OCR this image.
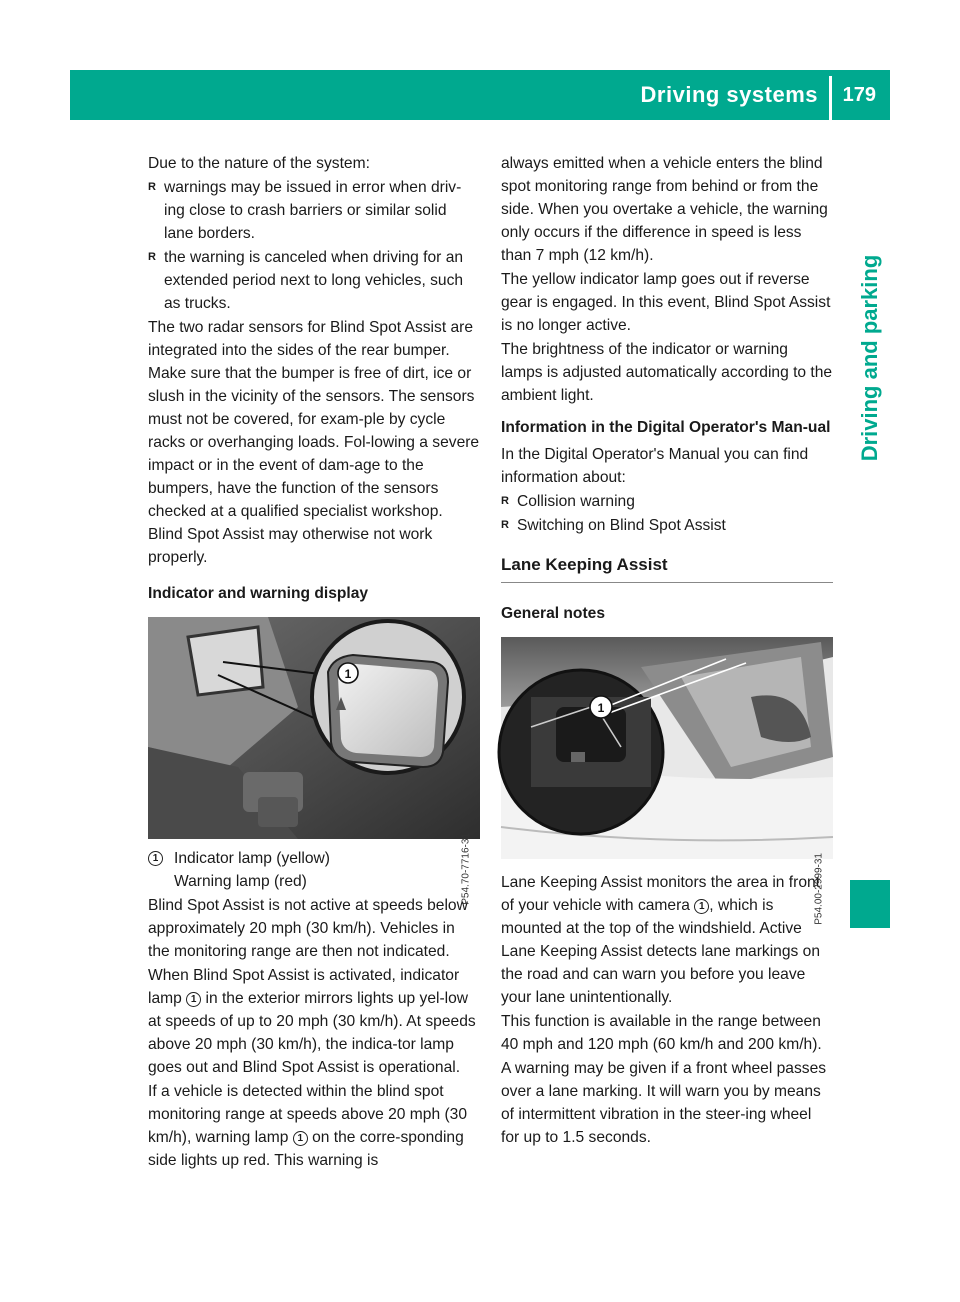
Driving systems 179
Driving and parking

Due to the nature of the system:

R warnings may be issued in error when driv-ing close to crash barriers or similar solid lane borders.
R the warning is canceled when driving for an extended period next to long vehicles, such as trucks.

The two radar sensors for Blind Spot Assist are integrated into the sides of the rear bumper. Make sure that the bumper is free of dirt, ice or slush in the vicinity of the sensors. The sensors must not be covered, for exam-ple by cycle racks or overhanging loads. Fol-lowing a severe impact or in the event of dam-age to the bumpers, have the function of the sensors checked at a qualified specialist workshop. Blind Spot Assist may otherwise not work properly.

Indicator and warning display
1
P54.70-7716-31
1	Indicator lamp (yellow)
Warning lamp (red)

Blind Spot Assist is not active at speeds below approximately 20 mph (30 km/h). Vehicles in the monitoring range are then not indicated.

When Blind Spot Assist is activated, indicator lamp 1 in the exterior mirrors lights up yel-low at speeds of up to 20 mph (30 km/h). At speeds above 20 mph (30 km/h), the indica-tor lamp goes out and Blind Spot Assist is operational.

If a vehicle is detected within the blind spot monitoring range at speeds above 20 mph (30 km/h), warning lamp 1 on the corre-sponding side lights up red. This warning is

always emitted when a vehicle enters the blind spot monitoring range from behind or from the side. When you overtake a vehicle, the warning only occurs if the difference in speed is less than 7 mph (12 km/h).

The yellow indicator lamp goes out if reverse gear is engaged. In this event, Blind Spot Assist is no longer active.

The brightness of the indicator or warning lamps is adjusted automatically according to the ambient light.

Information in the Digital Operator's Man-ual

In the Digital Operator's Manual you can find information about:

R Collision warning
R Switching on Blind Spot Assist
Lane Keeping Assist
General notes
1
P54.00-2999-31

Lane Keeping Assist monitors the area in front of your vehicle with camera 1 , which is mounted at the top of the windshield. Active Lane Keeping Assist detects lane markings on the road and can warn you before you leave your lane unintentionally.

This function is available in the range between 40 mph and 120 mph (60 km/h and 200 km/h).

A warning may be given if a front wheel passes over a lane marking. It will warn you by means of intermittent vibration in the steer-ing wheel for up to 1.5 seconds.
